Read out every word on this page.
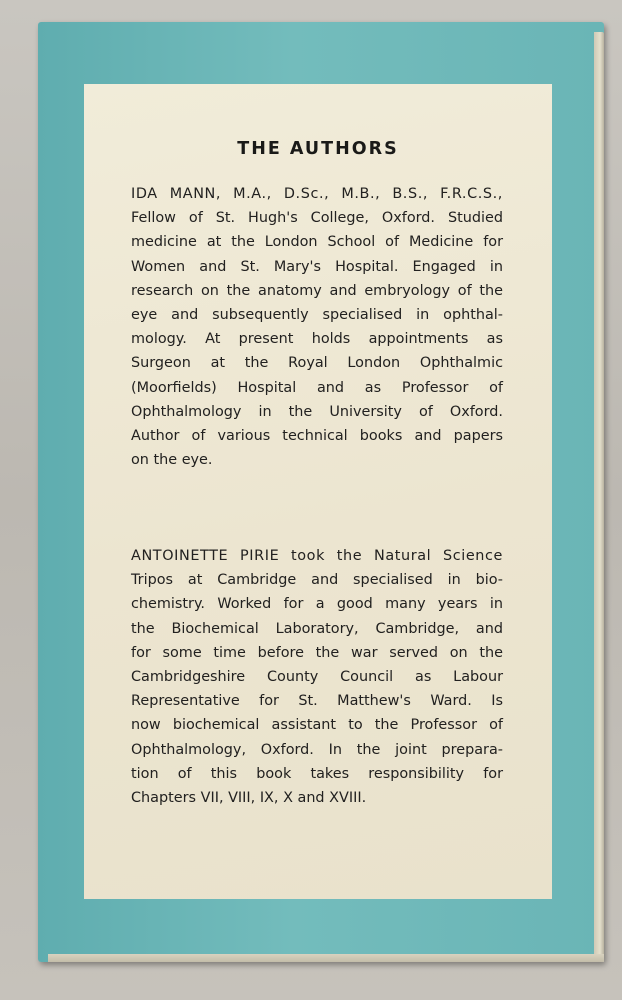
THE AUTHORS

IDA MANN, M.A., D.Sc., M.B., B.S., F.R.C.S.,
Fellow of St. Hugh's College, Oxford. Studied
medicine at the London School of Medicine for
Women and St. Mary's Hospital. Engaged in
research on the anatomy and embryology of the
eye and subsequently specialised in ophthal-
mology. At present holds appointments as
Surgeon at the Royal London Ophthalmic
(Moorfields) Hospital and as Professor of
Ophthalmology in the University of Oxford.
Author of various technical books and papers
on the eye.

ANTOINETTE PIRIE took the Natural Science
Tripos at Cambridge and specialised in bio-
chemistry. Worked for a good many years in
the Biochemical Laboratory, Cambridge, and
for some time before the war served on the
Cambridgeshire County Council as Labour
Representative for St. Matthew's Ward. Is
now biochemical assistant to the Professor of
Ophthalmology, Oxford. In the joint prepara-
tion of this book takes responsibility for
Chapters VII, VIII, IX, X and XVIII.
